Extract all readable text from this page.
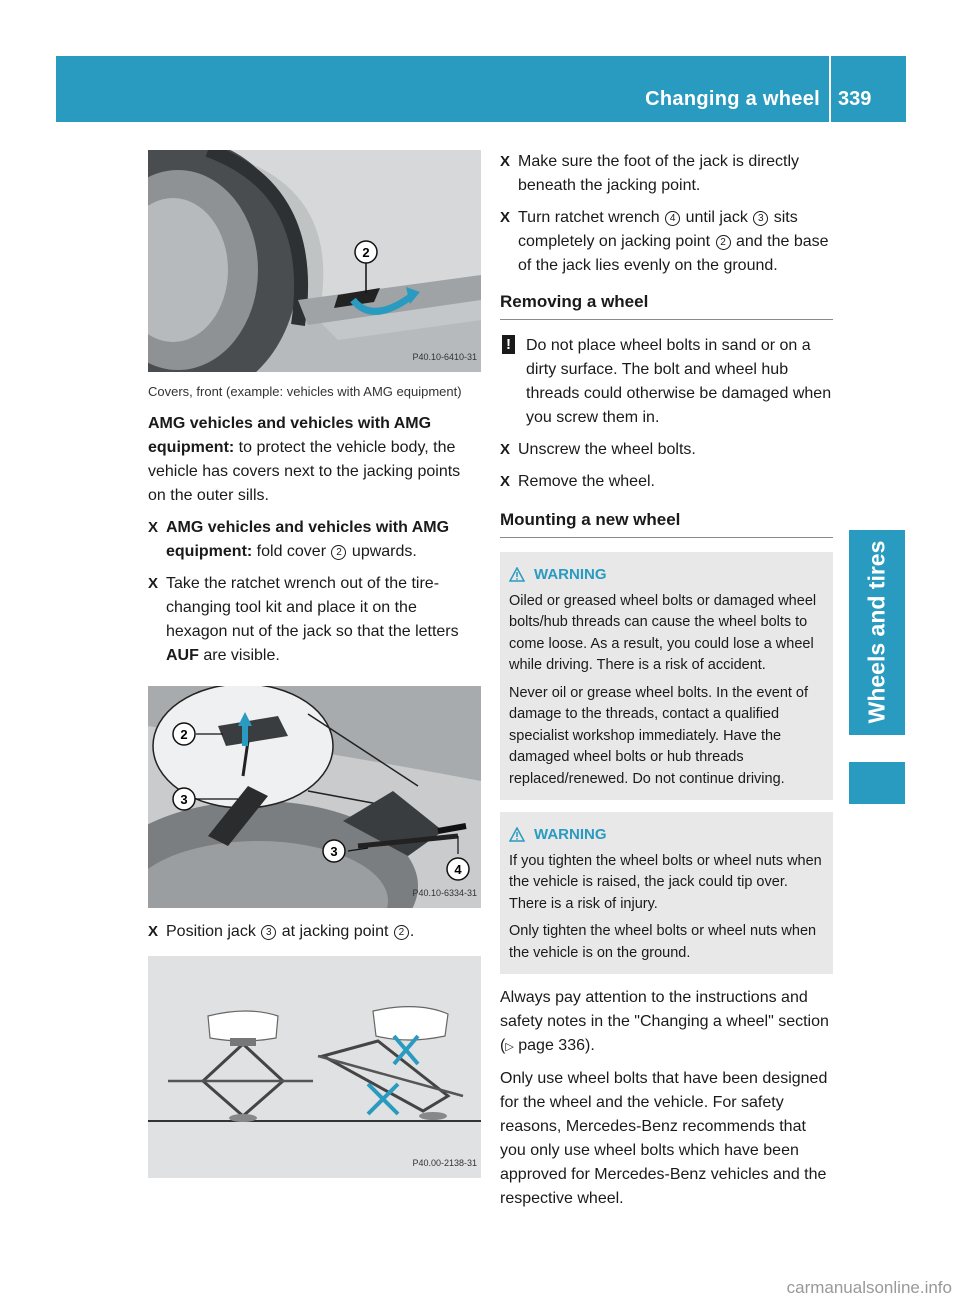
Changing a wheel 339
Wheels and tires
2
P40.10-6410-31
Covers, front (example: vehicles with AMG equipment)

AMG vehicles and vehicles with AMG equipment: to protect the vehicle body, the vehicle has covers next to the jacking points on the outer sills.

X AMG vehicles and vehicles with AMG equipment: fold cover 2 upwards.
X Take the ratchet wrench out of the tire-changing tool kit and place it on the hexagon nut of the jack so that the letters AUF are visible.
2
3
3
4
P40.10-6334-31
X Position jack 3 at jacking point 2 .
P40.00-2138-31
X Make sure the foot of the jack is directly beneath the jacking point.
X Turn ratchet wrench 4 until jack 3 sits completely on jacking point 2 and the base of the jack lies evenly on the ground.
Removing a wheel
! Do not place wheel bolts in sand or on a dirty surface. The bolt and wheel hub threads could otherwise be damaged when you screw them in.
X Unscrew the wheel bolts.
X Remove the wheel.
Mounting a new wheel
WARNING

Oiled or greased wheel bolts or damaged wheel bolts/hub threads can cause the wheel bolts to come loose. As a result, you could lose a wheel while driving. There is a risk of accident.

Never oil or grease wheel bolts. In the event of damage to the threads, contact a qualified specialist workshop immediately. Have the damaged wheel bolts or hub threads replaced/renewed. Do not continue driving.

WARNING

If you tighten the wheel bolts or wheel nuts when the vehicle is raised, the jack could tip over. There is a risk of injury.

Only tighten the wheel bolts or wheel nuts when the vehicle is on the ground.

Always pay attention to the instructions and safety notes in the "Changing a wheel" section (▷ page 336).

Only use wheel bolts that have been designed for the wheel and the vehicle. For safety reasons, Mercedes-Benz recommends that you only use wheel bolts which have been approved for Mercedes-Benz vehicles and the respective wheel.

carmanualsonline.info
